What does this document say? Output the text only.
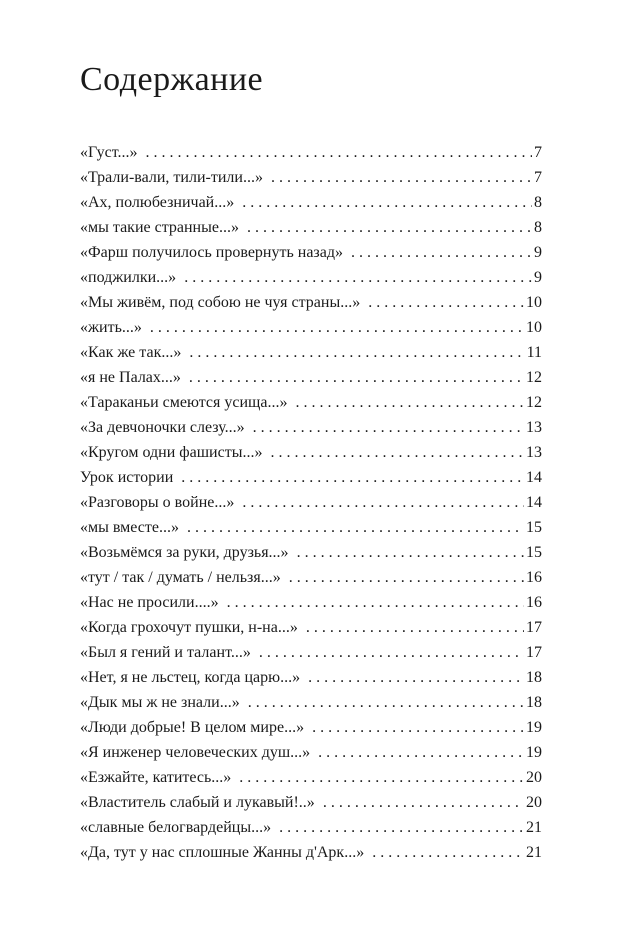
Содержание
«Густ...» . . .	7
«Трали-вали, тили-тили...» . . .	7
«Ах, полюбезничай...» . . .	8
«мы такие странные...» . . .	8
«Фарш получилось провернуть назад» . . .	9
«поджилки...» . . .	9
«Мы живём, под собою не чуя страны...» . . .	10
«жить...» . . .	10
«Как же так...» . . .	11
«я не Палах...» . . .	12
«Тараканьи смеются усища...» . . .	12
«За девчоночки слезу...» . . .	13
«Кругом одни фашисты...» . . .	13
Урок истории . . .	14
«Разговоры о войне...» . . .	14
«мы вместе...» . . .	15
«Возьмёмся за руки, друзья...» . . .	15
«тут / так / думать / нельзя...» . . .	16
«Нас не просили....» . . .	16
«Когда грохочут пушки, н-на...» . . .	17
«Был я гений и талант...» . . .	17
«Нет, я не льстец, когда царю...» . . .	18
«Дык мы ж не знали...» . . .	18
«Люди добрые! В целом мире...» . . .	19
«Я инженер человеческих душ...» . . .	19
«Езжайте, катитесь...» . . .	20
«Властитель слабый и лукавый!..» . . .	20
«славные белогвардейцы...» . . .	21
«Да, тут у нас сплошные Жанны д'Арк...» . . .	21
